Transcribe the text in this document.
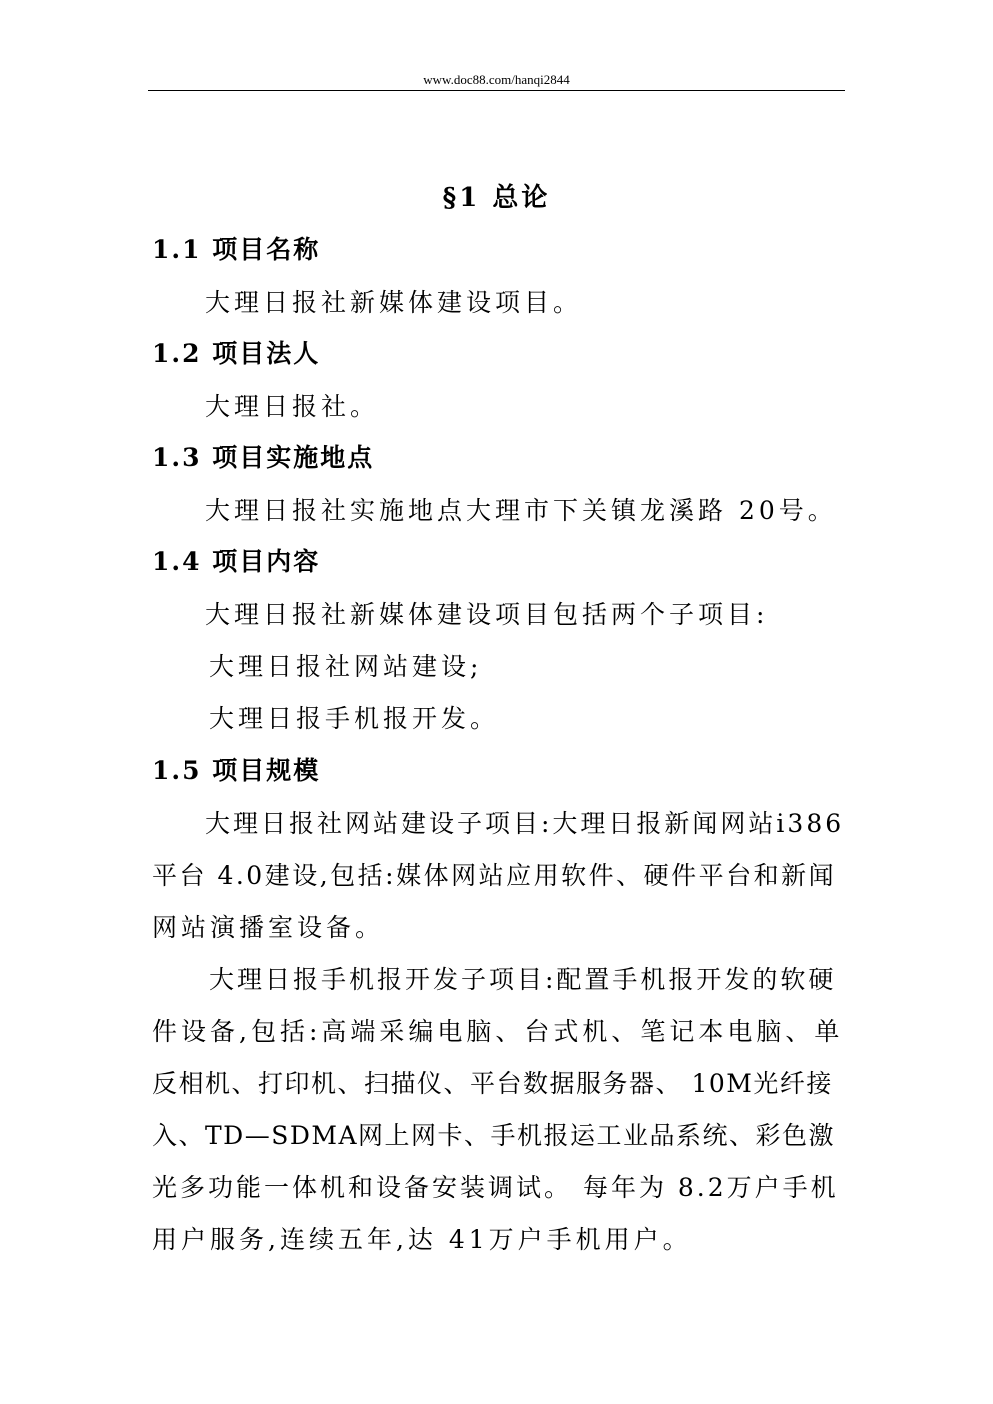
www.doc88.com/hanqi2844
§1 总论
1.1 项目名称
大理日报社新媒体建设项目。
1.2 项目法人
大理日报社。
1.3 项目实施地点
大理日报社实施地点大理市下关镇龙溪路 20号。
1.4 项目内容
大理日报社新媒体建设项目包括两个子项目:
大理日报社网站建设;
大理日报手机报开发。
1.5 项目规模
大理日报社网站建设子项目:大理日报新闻网站i386
平台 4.0建设,包括:媒体网站应用软件、硬件平台和新闻
网站演播室设备。
大理日报手机报开发子项目:配置手机报开发的软硬
件设备,包括:高端采编电脑、台式机、笔记本电脑、单
反相机、打印机、扫描仪、平台数据服务器、 10M光纤接
入、TD—SDMA网上网卡、手机报运工业品系统、彩色激
光多功能一体机和设备安装调试。 每年为 8.2万户手机
用户服务,连续五年,达 41万户手机用户。
